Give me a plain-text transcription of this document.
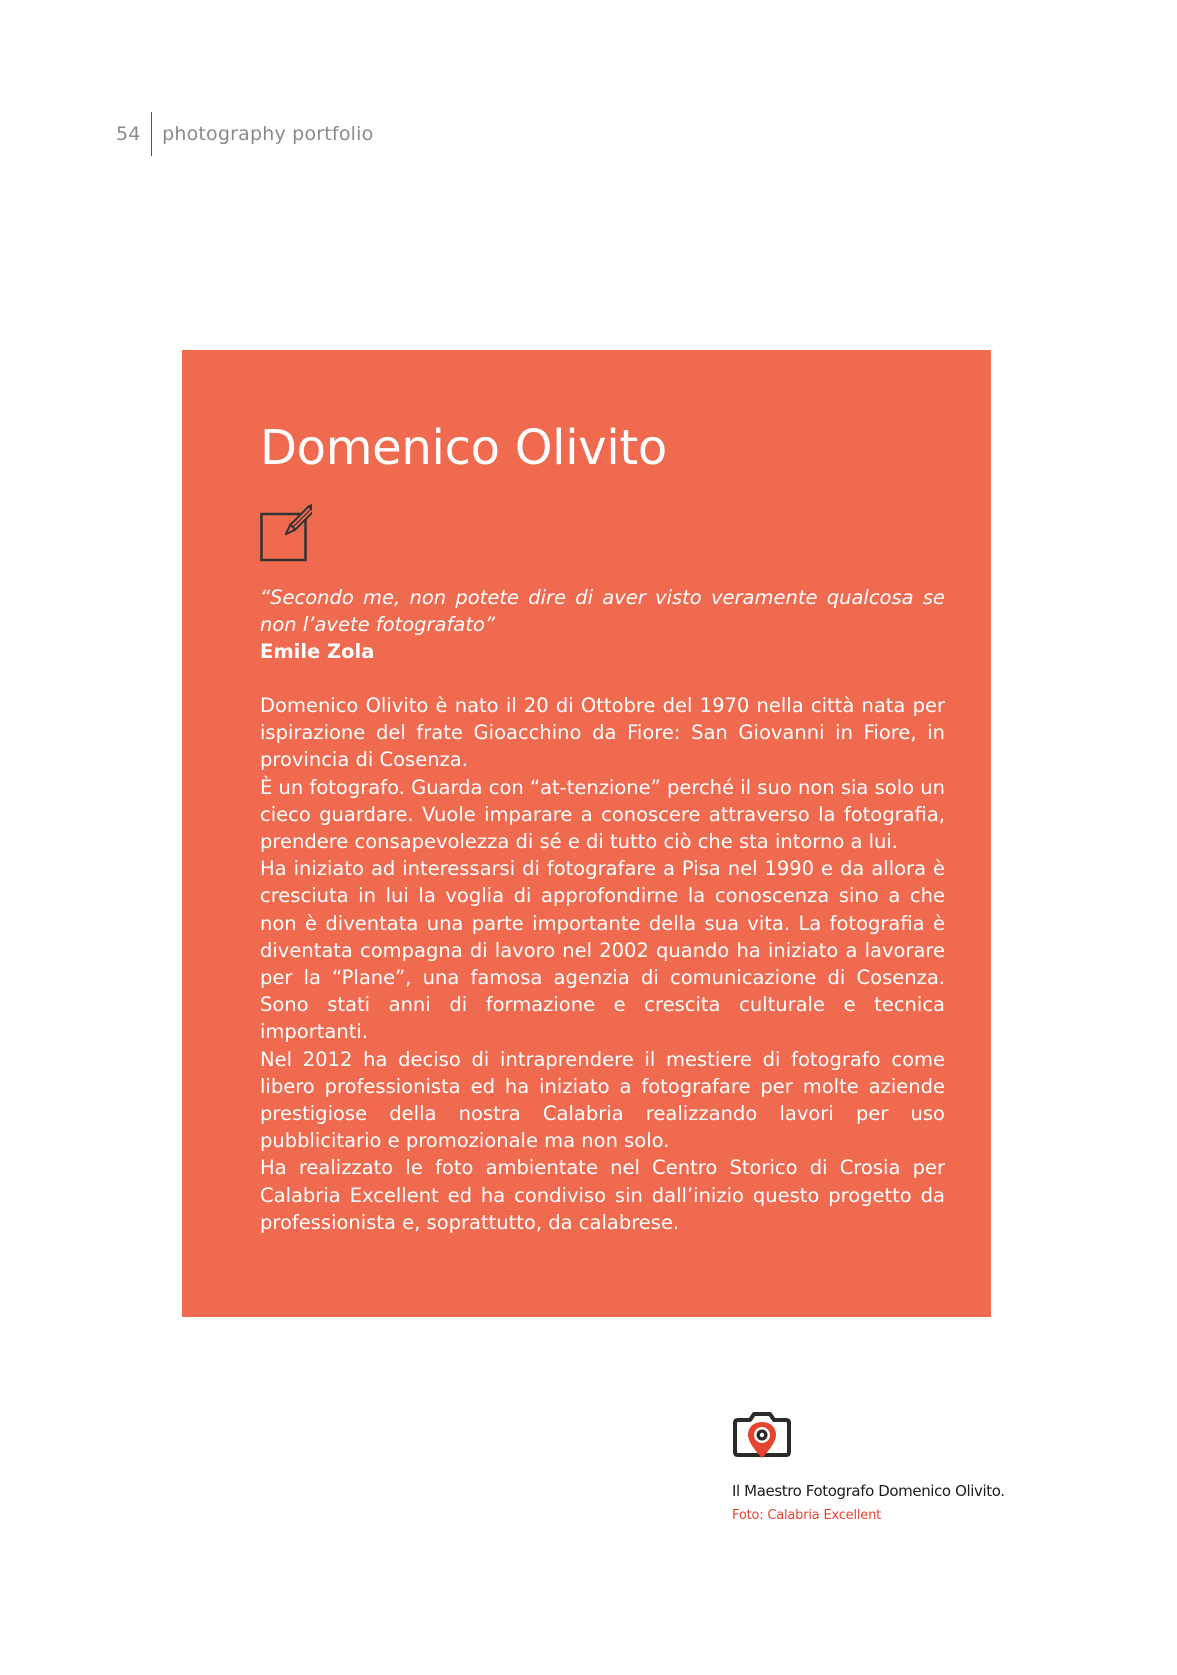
54 photography portfolio
Domenico Olivito

“Secondo me, non potete dire di aver visto veramente qualcosa se non l’avete fotografato”

Emile Zola

Domenico Olivito è nato il 20 di Ottobre del 1970 nella città nata per ispirazione del frate Gioacchino da Fiore: San Giovanni in Fiore, in provincia di Cosenza.

È un fotografo. Guarda con “at-tenzione” perché il suo non sia solo un cieco guardare. Vuole imparare a conoscere attraverso la fotografia, prendere consapevolezza di sé e di tutto ciò che sta intorno a lui.

Ha iniziato ad interessarsi di fotografare a Pisa nel 1990 e da allora è cresciuta in lui la voglia di approfondirne la conoscenza sino a che non è diventata una parte importante della sua vita. La fotografia è diventata compagna di lavoro nel 2002 quando ha iniziato a lavorare per la “Plane”, una famosa agenzia di comunicazione di Cosenza. Sono stati anni di formazione e crescita culturale e tecnica importanti.

Nel 2012 ha deciso di intraprendere il mestiere di fotografo come libero professionista ed ha iniziato a fotografare per molte aziende prestigiose della nostra Calabria realizzando lavori per uso pubblicitario e promozionale ma non solo.

Ha realizzato le foto ambientate nel Centro Storico di Crosia per Calabria Excellent ed ha condiviso sin dall’inizio questo progetto da professionista e, soprattutto, da calabrese.

Il Maestro Fotografo Domenico Olivito.

Foto: Calabria Excellent
